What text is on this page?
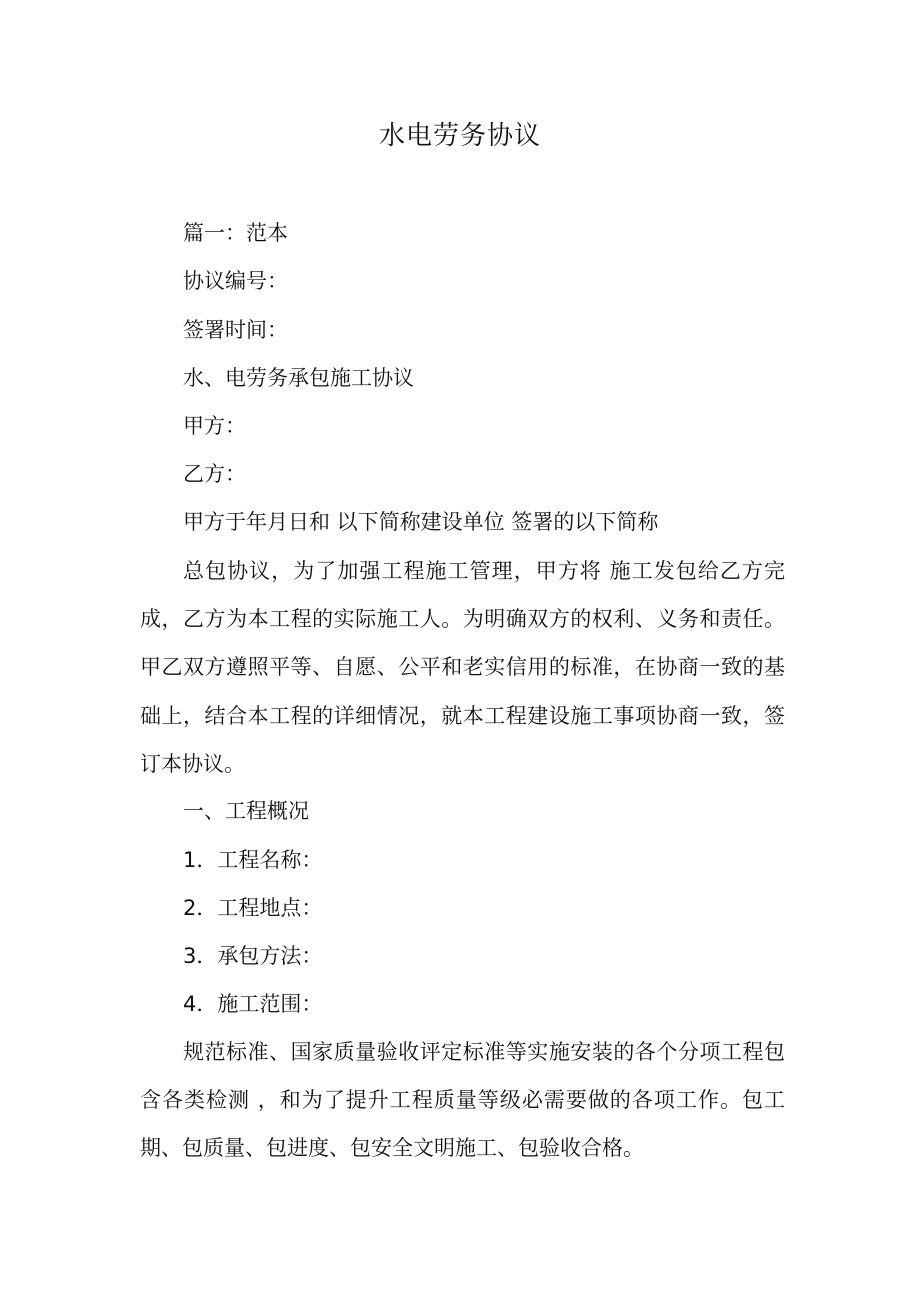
水电劳务协议
篇一：范本
协议编号：
签署时间：
水、电劳务承包施工协议
甲方：
乙方：
甲方于年月日和 以下简称建设单位 签署的以下简称
总包协议，为了加强工程施工管理，甲方将 施工发包给乙方完成，乙方为本工程的实际施工人。为明确双方的权利、义务和责任。甲乙双方遵照平等、自愿、公平和老实信用的标准，在协商一致的基础上，结合本工程的详细情况，就本工程建设施工事项协商一致，签订本协议。
一、工程概况
1．工程名称：
2．工程地点：
3．承包方法：
4．施工范围：
规范标准、国家质量验收评定标准等实施安装的各个分项工程包含各类检测 ，和为了提升工程质量等级必需要做的各项工作。包工期、包质量、包进度、包安全文明施工、包验收合格。
